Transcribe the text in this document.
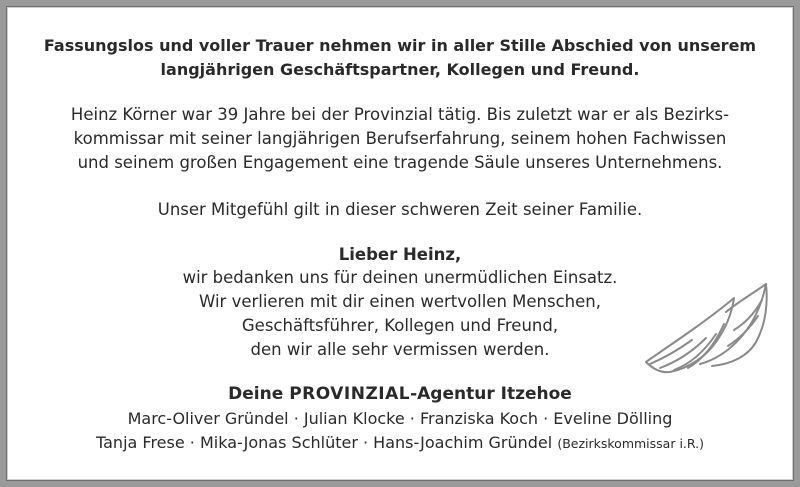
Fassungslos und voller Trauer nehmen wir in aller Stille Abschied von unserem
langjährigen Geschäftspartner, Kollegen und Freund.
Heinz Körner war 39 Jahre bei der Provinzial tätig. Bis zuletzt war er als Bezirks-
kommissar mit seiner langjährigen Berufserfahrung, seinem hohen Fachwissen
und seinem großen Engagement eine tragende Säule unseres Unternehmens.
Unser Mitgefühl gilt in dieser schweren Zeit seiner Familie.
Lieber Heinz,
wir bedanken uns für deinen unermüdlichen Einsatz.
Wir verlieren mit dir einen wertvollen Menschen,
Geschäftsführer, Kollegen und Freund,
den wir alle sehr vermissen werden.
Deine PROVINZIAL-Agentur Itzehoe
Marc-Oliver Gründel · Julian Klocke · Franziska Koch · Eveline Dölling
Tanja Frese · Mika-Jonas Schlüter · Hans-Joachim Gründel (Bezirkskommissar i.R.)
